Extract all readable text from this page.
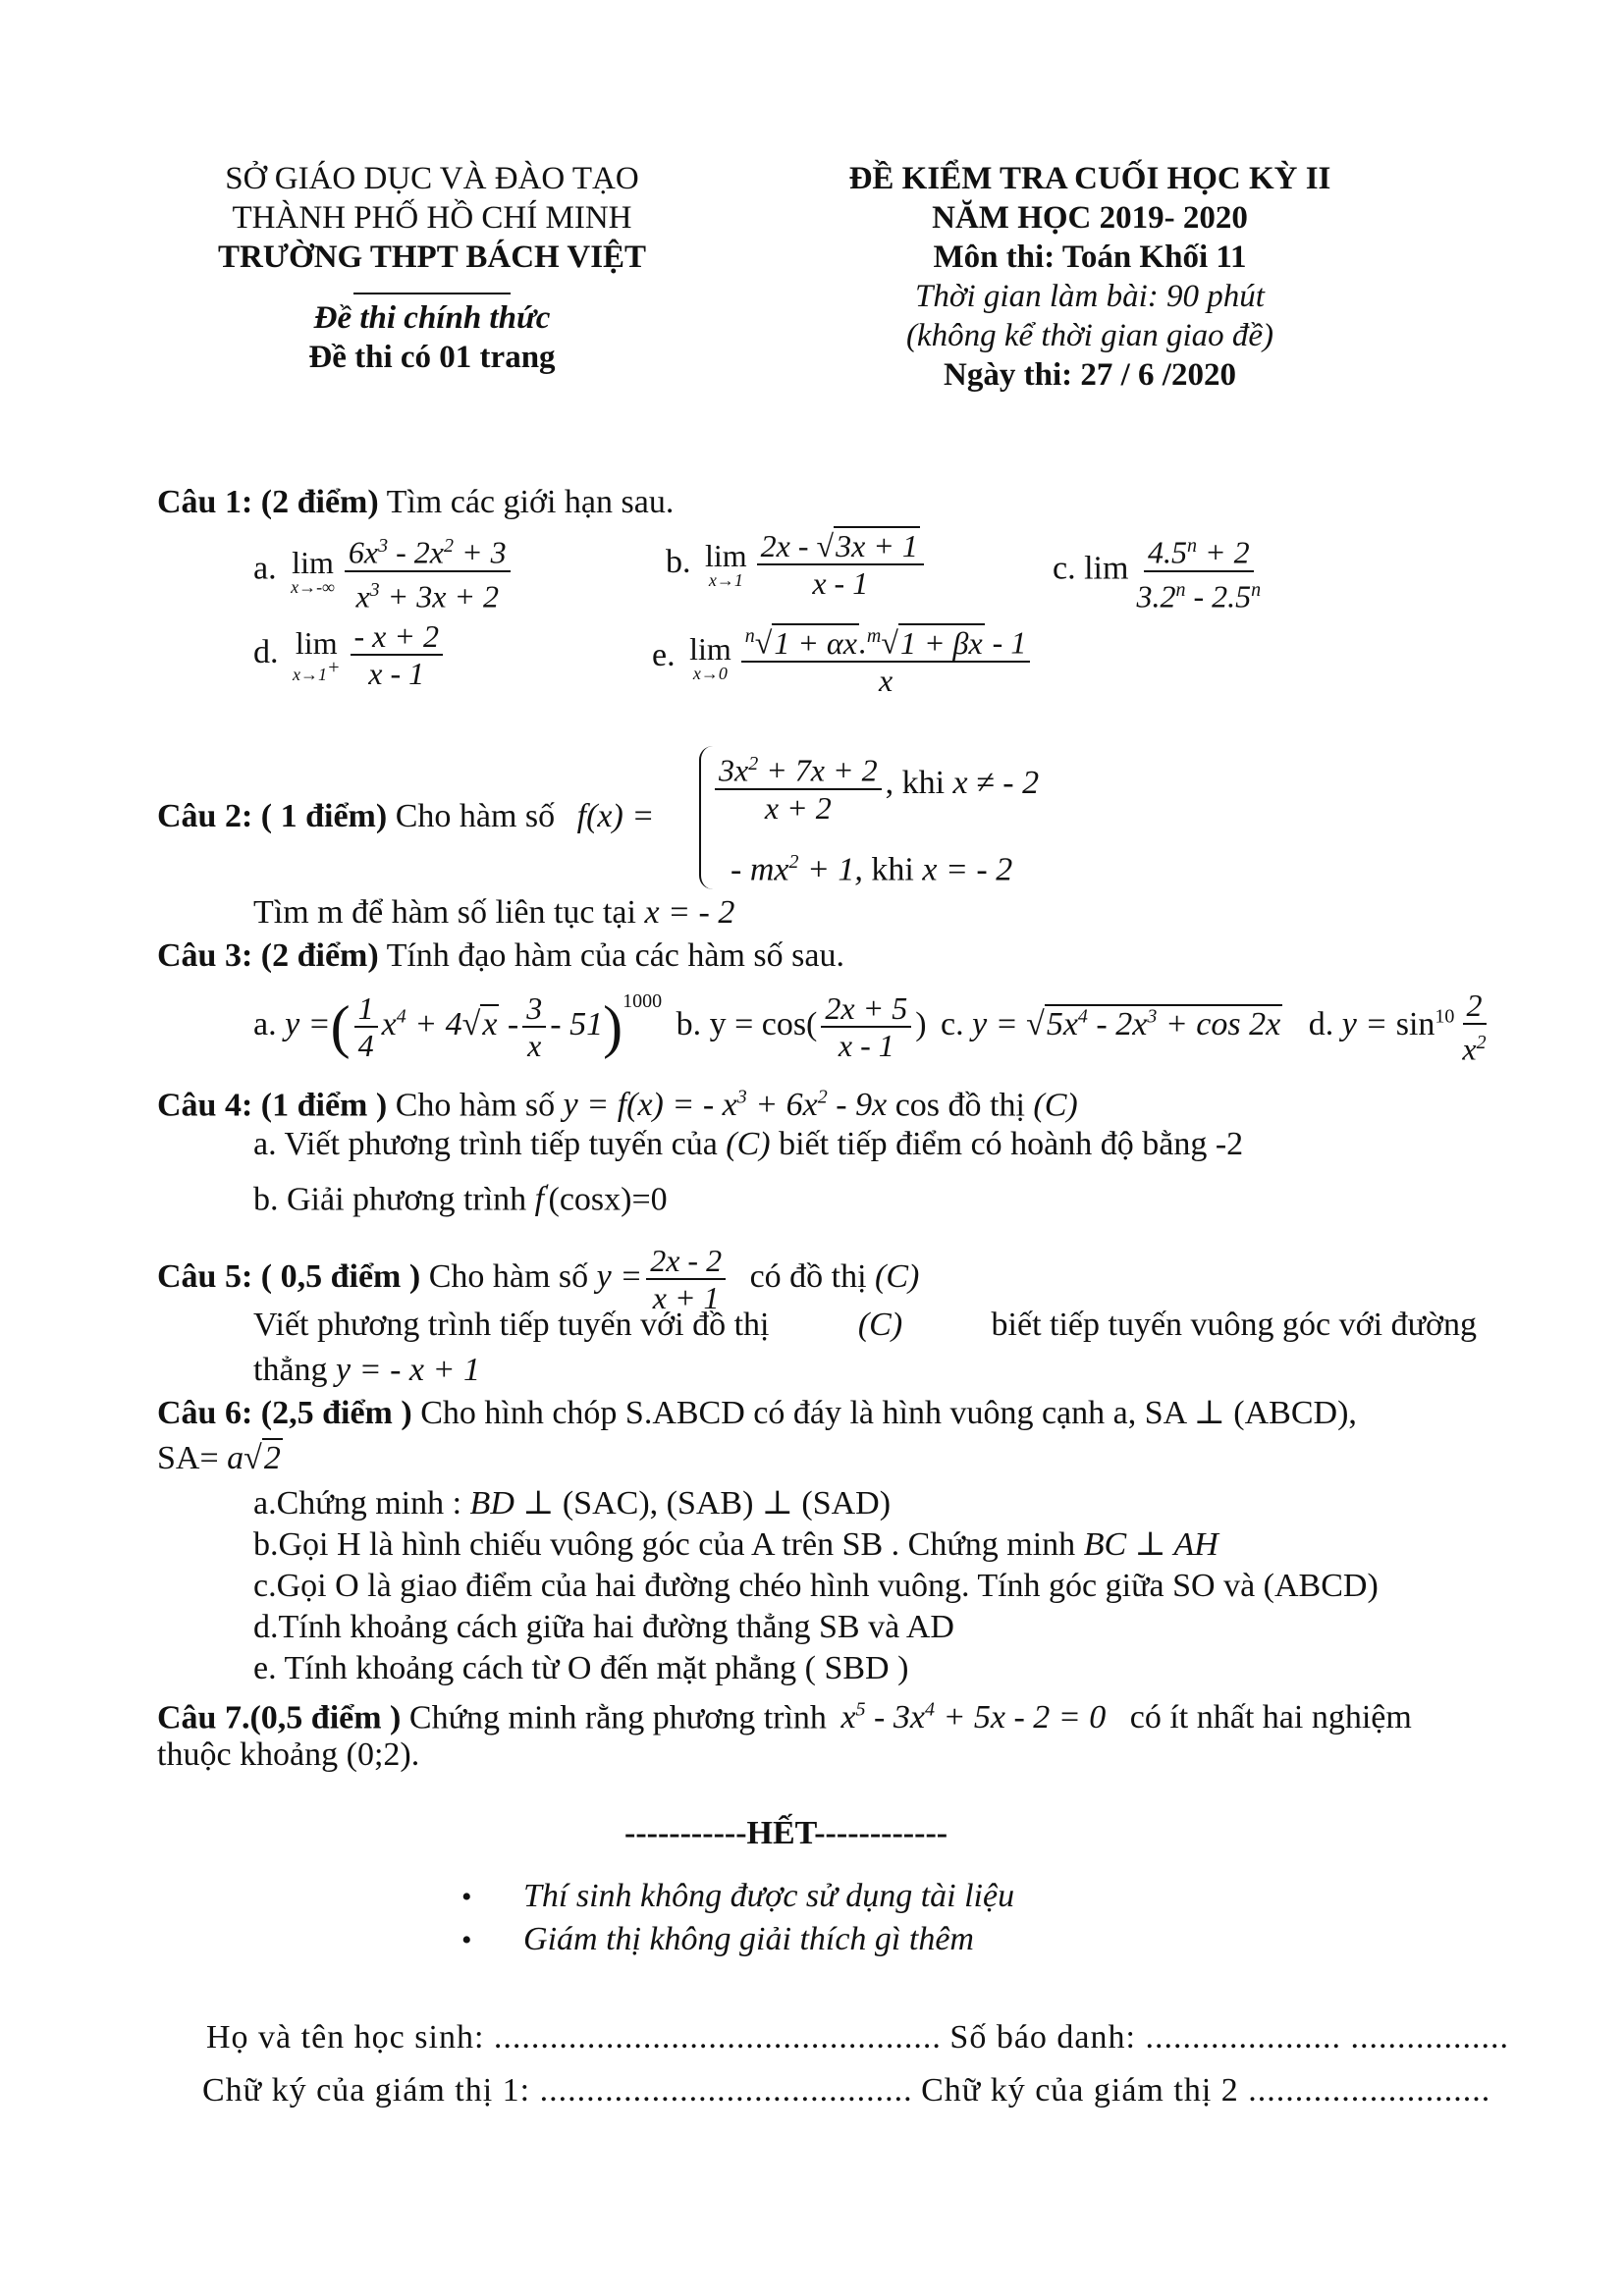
SỞ GIÁO DỤC VÀ ĐÀO TẠO
THÀNH PHỐ HỒ CHÍ MINH
TRƯỜNG THPT BÁCH VIỆT
Đề thi chính thức
Đề thi có 01 trang
ĐỀ KIỂM TRA CUỐI HỌC KỲ II
NĂM HỌC 2019- 2020
Môn thi: Toán Khối 11
Thời gian làm bài: 90 phút
(không kể thời gian giao đề)
Ngày thi: 27 / 6 /2020
Câu 1: (2 điểm) Tìm các giới hạn sau.
a. lim
$x\to-\infty \frac{6x^3 - 2x^2 + 3}{x^3 + 3x + 2}$	b. lim
$x\to 1 \frac{2x - √3x + 1}{x - 1}$	c. $\lim \frac{4.5^n + 2}{3.2^n - 2.5^n}$
d. lim
$x\to 1^+ \frac{- x + 2}{x - 1}$	e. lim
$x\to 0 \frac{^n√1 + \alpha x.^m√1 + \beta x - 1}{x}$
Câu 2: ( 1 điểm) Cho hàm số $f(x) = \frac{3x^2 + 7x + 2}{x + 2}$ , khi x ≠ - 2
- $mx^2 + 1$, khi x = - 2
Tìm m để hàm số liên tục tại x = - 2
Câu 3: (2 điểm) Tính đạo hàm của các hàm số sau.
a. y =( $\frac{1}{4} x^4 + 4√x - \frac{3}{x} - 51)^{1000}$ b. $y = \cos( \frac{2x + 5}{x - 1}$ ) c. $y = √5x^4 - 2x^3 + \cos 2x$ d. $y = \sin^{10} \frac{2}{x^2}$
Câu 4: (1 điểm ) Cho hàm số y = f(x) = - $x^3 + 6x^2 - 9x$ cos đồ thị (C)
a. Viết phương trình tiếp tuyến của (C) biết tiếp điểm có hoành độ bằng -2
b. Giải phương trình f′(cosx)=0
Câu 5: ( 0,5 điểm ) Cho hàm số $y = \frac{2x - 2}{x + 1}$ có đồ thị (C)
Viết phương trình tiếp tuyến với đồ thị	(C)	biết tiếp tuyến vuông góc với đường
thẳng y = - x + 1
Câu 6: (2,5 điểm ) Cho hình chóp S.ABCD có đáy là hình vuông cạnh a, SA ⊥ (ABCD),
SA= a√2
a.Chứng minh : BD ⊥ (SAC), (SAB) ⊥ (SAD)
b.Gọi H là hình chiếu vuông góc của A trên SB . Chứng minh BC ⊥ AH
c.Gọi O là giao điểm của hai đường chéo hình vuông. Tính góc giữa SO và (ABCD)
d.Tính khoảng cách giữa hai đường thẳng SB và AD
e. Tính khoảng cách từ O đến mặt phẳng ( SBD )
Câu 7.(0,5 điểm ) Chứng minh rằng phương trình $x^5 - 3x^4 + 5x - 2 = 0$ có ít nhất hai nghiệm
thuộc khoảng (0;2).
-----------HẾT------------
• Thí sinh không được sử dụng tài liệu
• Giám thị không giải thích gì thêm
Họ và tên học sinh: ................................................ Số báo danh: ..................... .................
Chữ ký của giám thị 1: ........................................ Chữ ký của giám thị 2 ..........................
